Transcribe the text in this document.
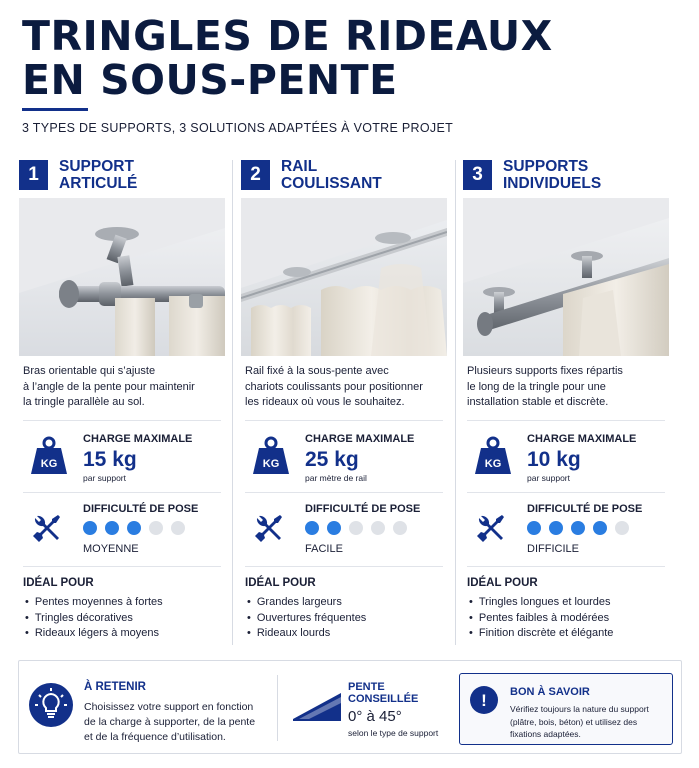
TRINGLES DE RIDEAUX
EN SOUS-PENTE
3 TYPES DE SUPPORTS, 3 SOLUTIONS ADAPTÉES À VOTRE PROJET
1	SUPPORT
ARTICULÉ
Bras orientable qui s’ajuste
à l’angle de la pente pour maintenir
la tringle parallèle au sol.
KG
CHARGE MAXIMALE
15 kg
par support
DIFFICULTÉ DE POSE
MOYENNE
IDÉAL POUR
• Pentes moyennes à fortes
• Tringles décoratives
• Rideaux légers à moyens
2	RAIL
COULISSANT
Rail fixé à la sous-pente avec
chariots coulissants pour positionner
les rideaux où vous le souhaitez.
KG
CHARGE MAXIMALE
25 kg
par mètre de rail
DIFFICULTÉ DE POSE
FACILE
IDÉAL POUR
• Grandes largeurs
• Ouvertures fréquentes
• Rideaux lourds
3	SUPPORTS
INDIVIDUELS
Plusieurs supports fixes répartis
le long de la tringle pour une
installation stable et discrète.
KG
CHARGE MAXIMALE
10 kg
par support
DIFFICULTÉ DE POSE
DIFFICILE
IDÉAL POUR
• Tringles longues et lourdes
• Pentes faibles à modérées
• Finition discrète et élégante
À RETENIR
Choisissez votre support en fonction
de la charge à supporter, de la pente
et de la fréquence d’utilisation.
PENTE
CONSEILLÉE
0° à 45°
selon le type de support
! BON À SAVOIR
Vérifiez toujours la nature du support
(plâtre, bois, béton) et utilisez des
fixations adaptées.
